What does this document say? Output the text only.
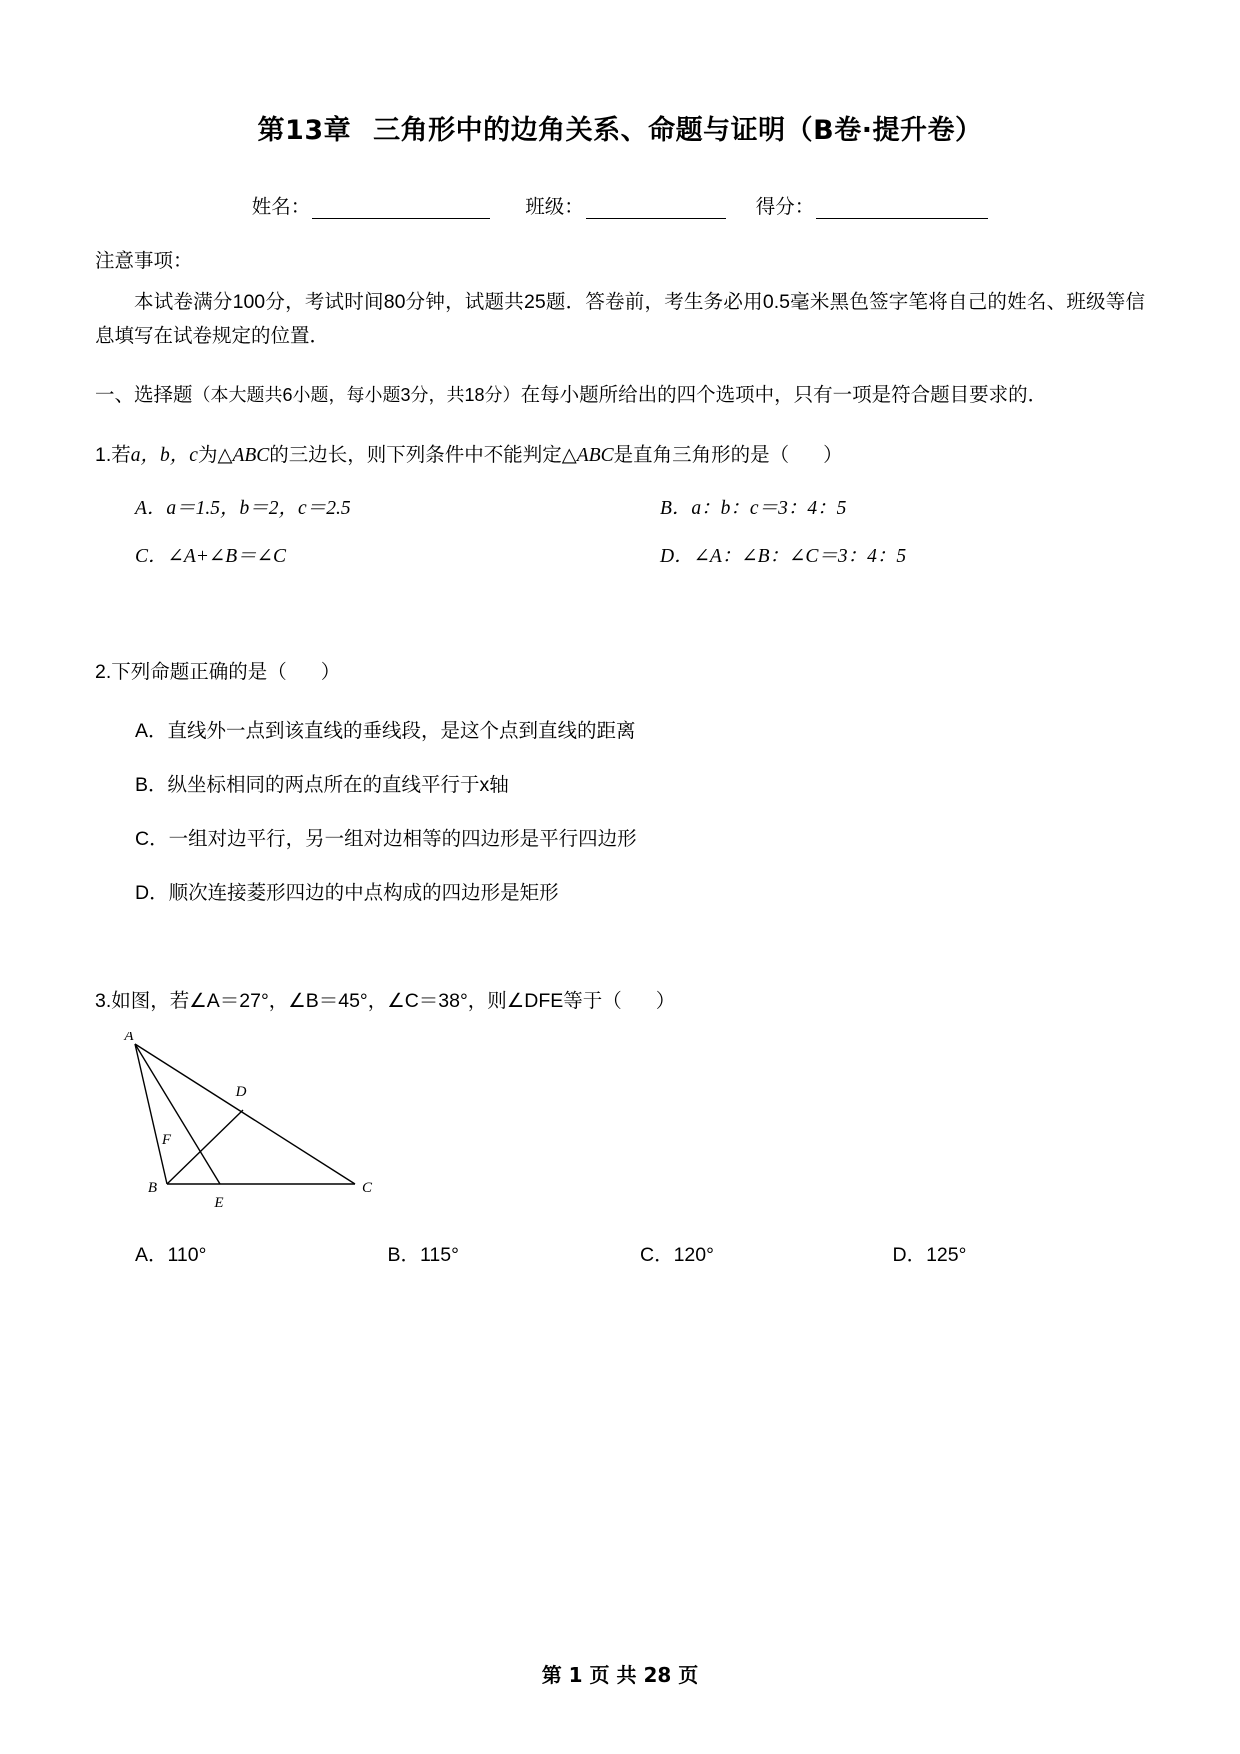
第13章 三角形中的边角关系、命题与证明（B卷·提升卷）
姓名：	班级：	得分：
注意事项：
本试卷满分100分，考试时间80分钟，试题共25题．答卷前，考生务必用0.5毫米黑色签字笔将自己的姓名、班级等信息填写在试卷规定的位置．
一、选择题（本大题共6小题，每小题3分，共18分）在每小题所给出的四个选项中，只有一项是符合题目要求的．
1.若a，b，c为△ABC的三边长，则下列条件中不能判定△ABC是直角三角形的是（ ）
A．a＝1.5，b＝2，c＝2.5	B．a：b：c＝3：4：5
C．∠A+∠B＝∠C	D．∠A：∠B：∠C＝3：4：5
2.下列命题正确的是（ ）
A．直线外一点到该直线的垂线段，是这个点到直线的距离
B．纵坐标相同的两点所在的直线平行于x轴
C．一组对边平行，另一组对边相等的四边形是平行四边形
D．顺次连接菱形四边的中点构成的四边形是矩形
3.如图，若∠A＝27°，∠B＝45°，∠C＝38°，则∠DFE等于（ ）
A
D
F
B
E
C
A．110°	B．115°	C．120°	D．125°
第 1 页 共 28 页
